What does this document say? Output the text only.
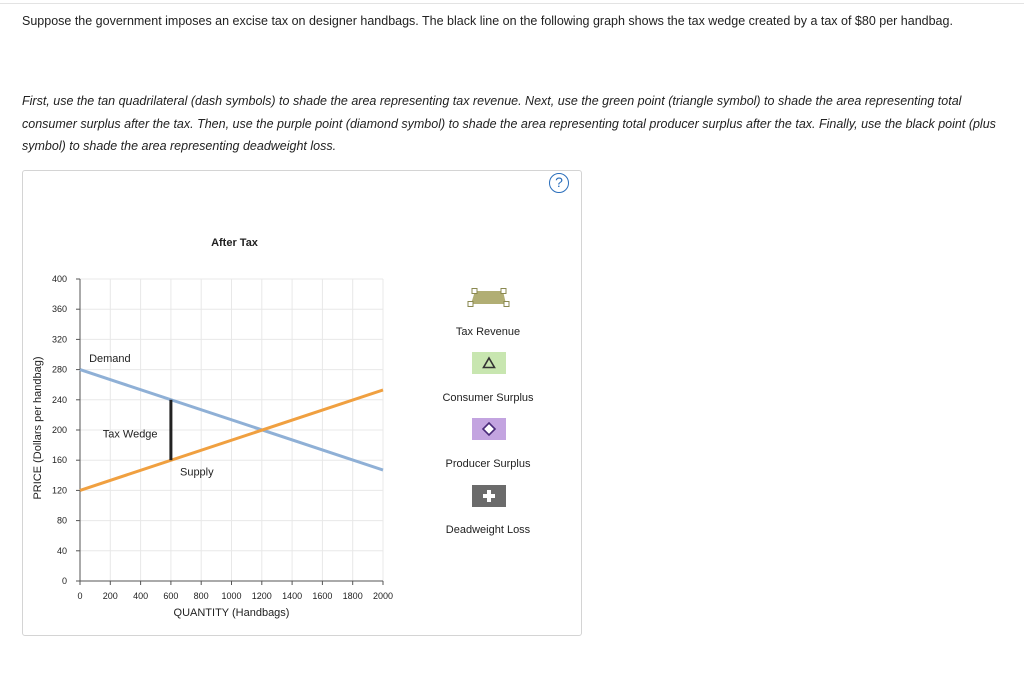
Suppose the government imposes an excise tax on designer handbags. The black line on the following graph shows the tax wedge created by a tax of $80 per handbag.
First, use the tan quadrilateral (dash symbols) to shade the area representing tax revenue. Next, use the green point (triangle symbol) to shade the area representing total consumer surplus after the tax. Then, use the purple point (diamond symbol) to shade the area representing total producer surplus after the tax. Finally, use the black point (plus symbol) to shade the area representing deadweight loss.
?
0
40
80
120
160
200
240
280
320
360
400
0 200 400 600 800 1000 1200 1400 1600 1800 2000
Demand
Tax Wedge
Supply
After Tax
QUANTITY (Handbags)
PRICE (Dollars per handbag)
Tax Revenue
Consumer Surplus
Producer Surplus
Deadweight Loss
